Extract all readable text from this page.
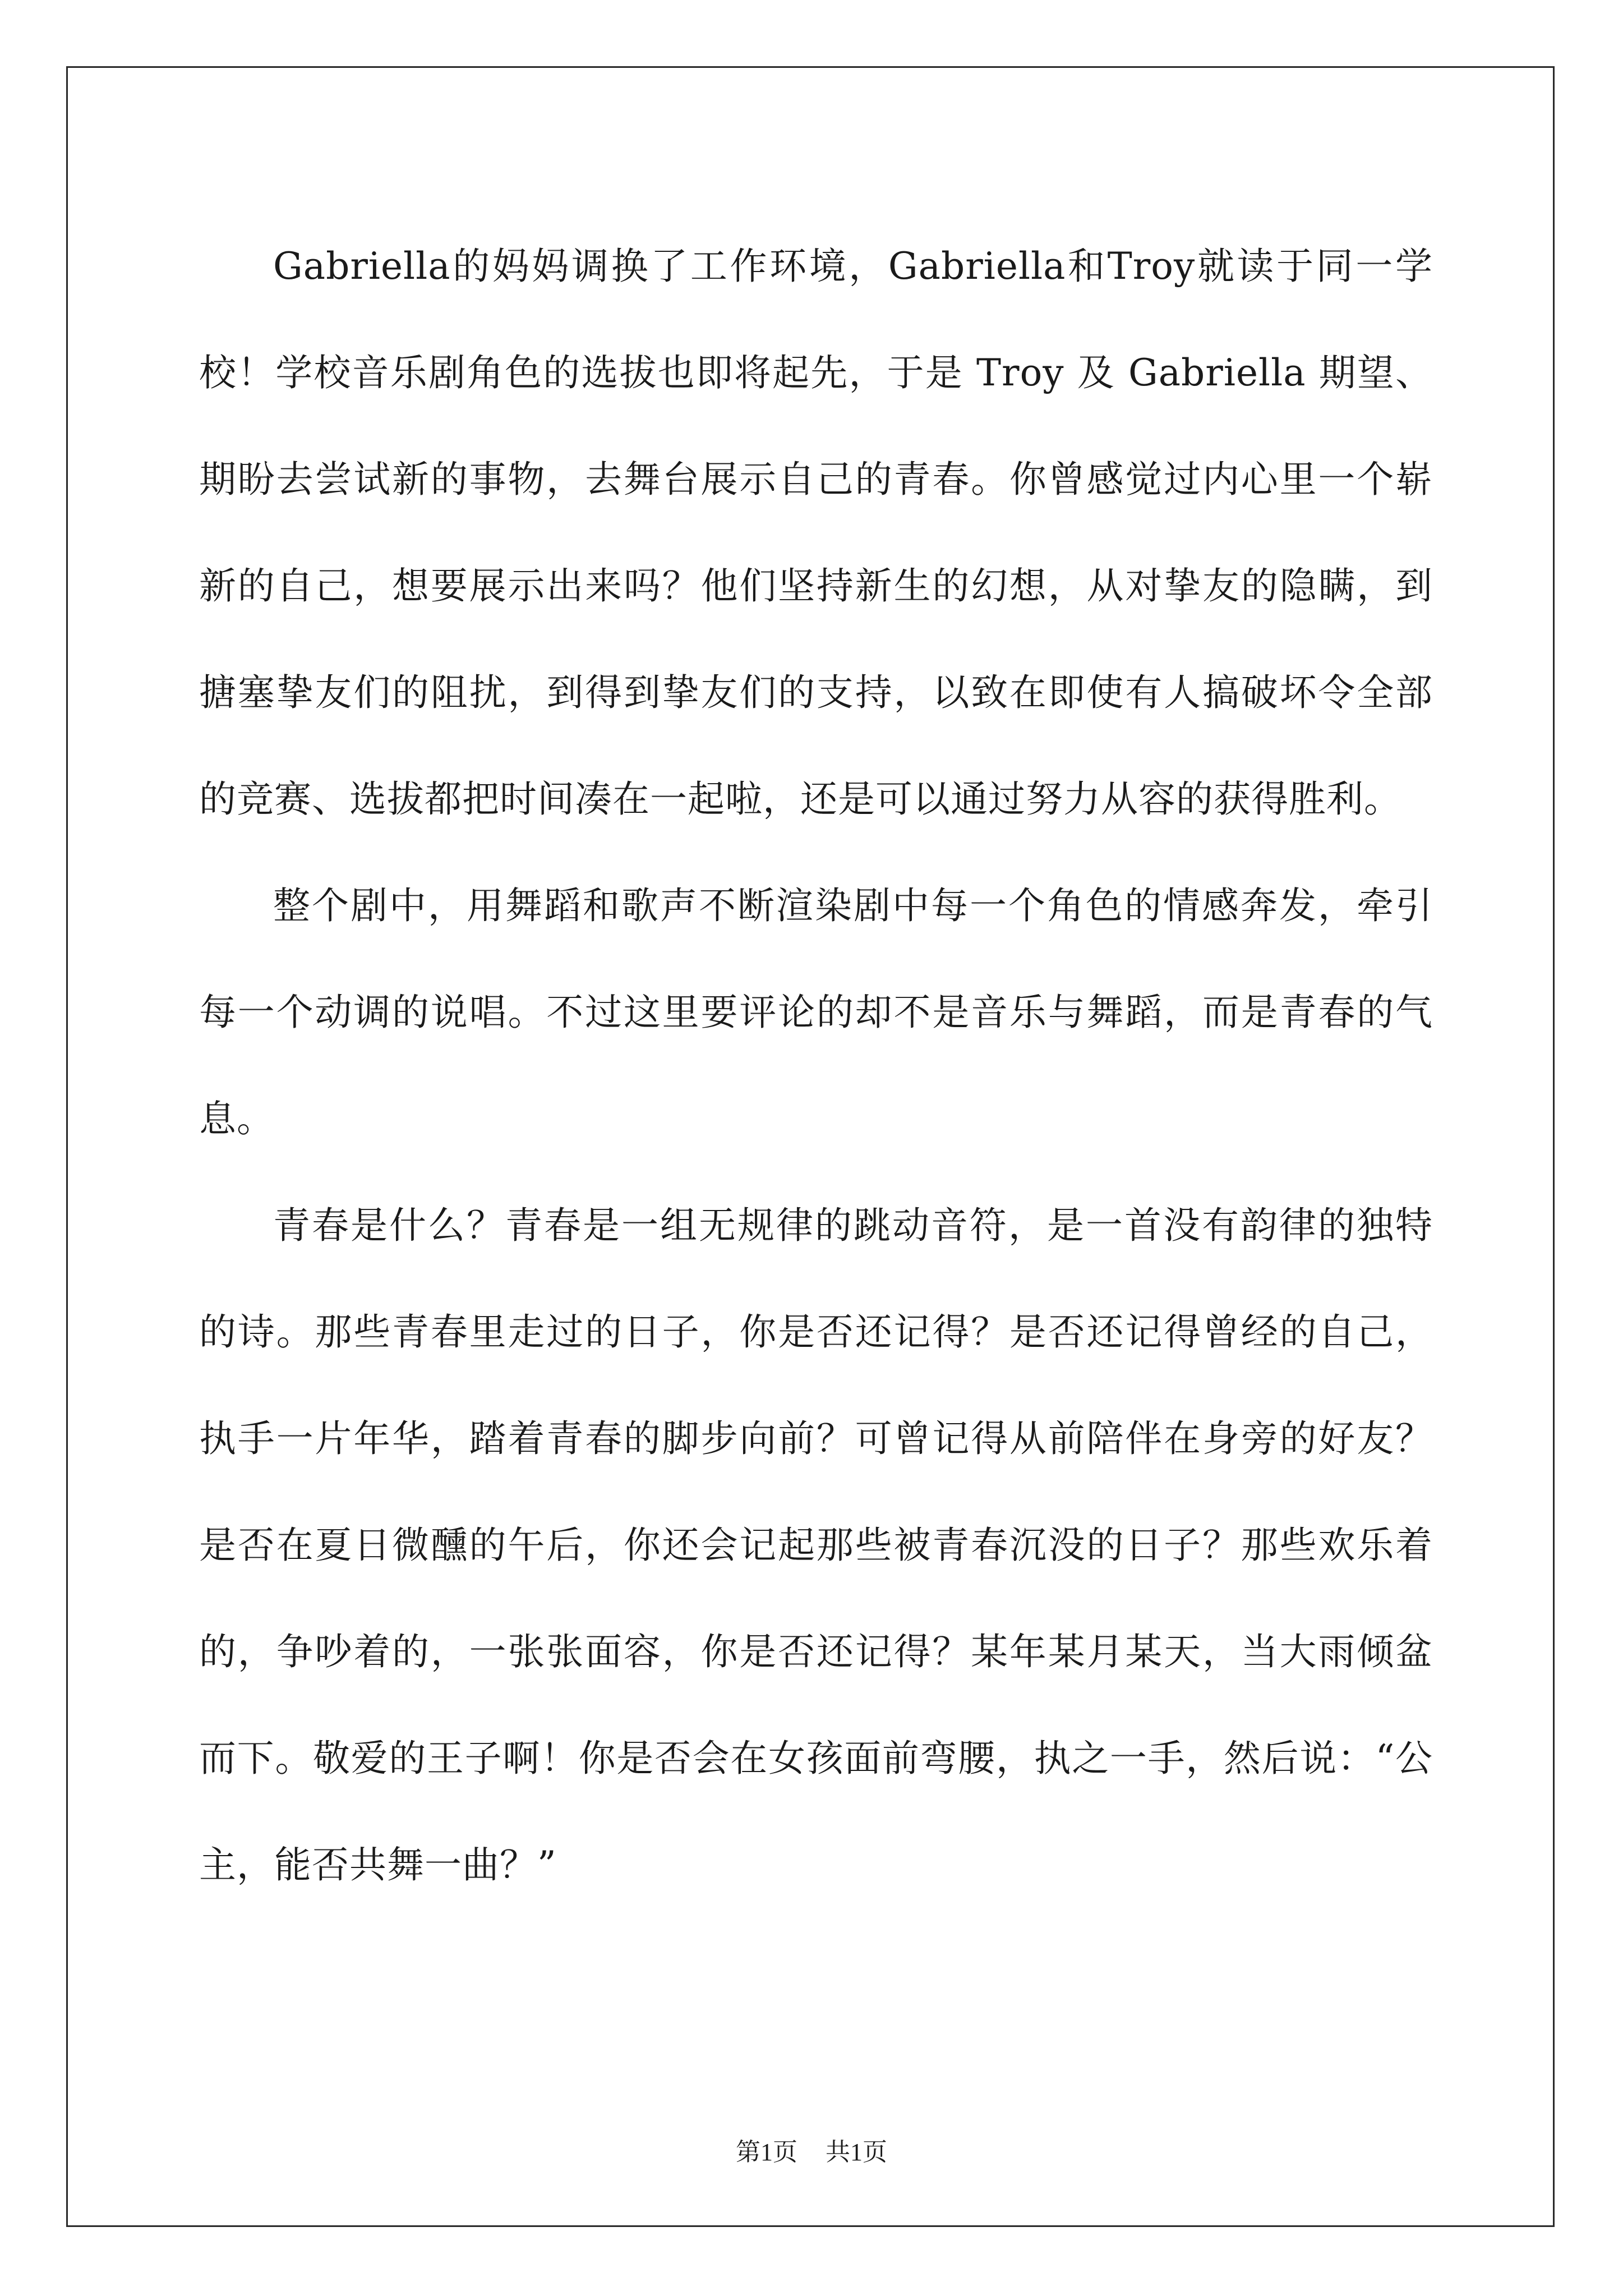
Gabriella的妈妈调换了工作环境，Gabriella和Troy就读于同一学校！学校音乐剧角色的选拔也即将起先，于是 Troy 及 Gabriella 期望、期盼去尝试新的事物，去舞台展示自己的青春。你曾感觉过内心里一个崭新的自己，想要展示出来吗？他们坚持新生的幻想，从对挚友的隐瞒，到搪塞挚友们的阻扰，到得到挚友们的支持，以致在即使有人搞破坏令全部的竞赛、选拔都把时间凑在一起啦，还是可以通过努力从容的获得胜利。

整个剧中，用舞蹈和歌声不断渲染剧中每一个角色的情感奔发，牵引每一个动调的说唱。不过这里要评论的却不是音乐与舞蹈，而是青春的气息。

青春是什么？青春是一组无规律的跳动音符，是一首没有韵律的独特的诗。那些青春里走过的日子，你是否还记得？是否还记得曾经的自己，执手一片年华，踏着青春的脚步向前？可曾记得从前陪伴在身旁的好友？是否在夏日微醺的午后，你还会记起那些被青春沉没的日子？那些欢乐着的，争吵着的，一张张面容，你是否还记得？某年某月某天，当大雨倾盆而下。敬爱的王子啊！你是否会在女孩面前弯腰，执之一手，然后说：“公主，能否共舞一曲？”

第1页 共1页
